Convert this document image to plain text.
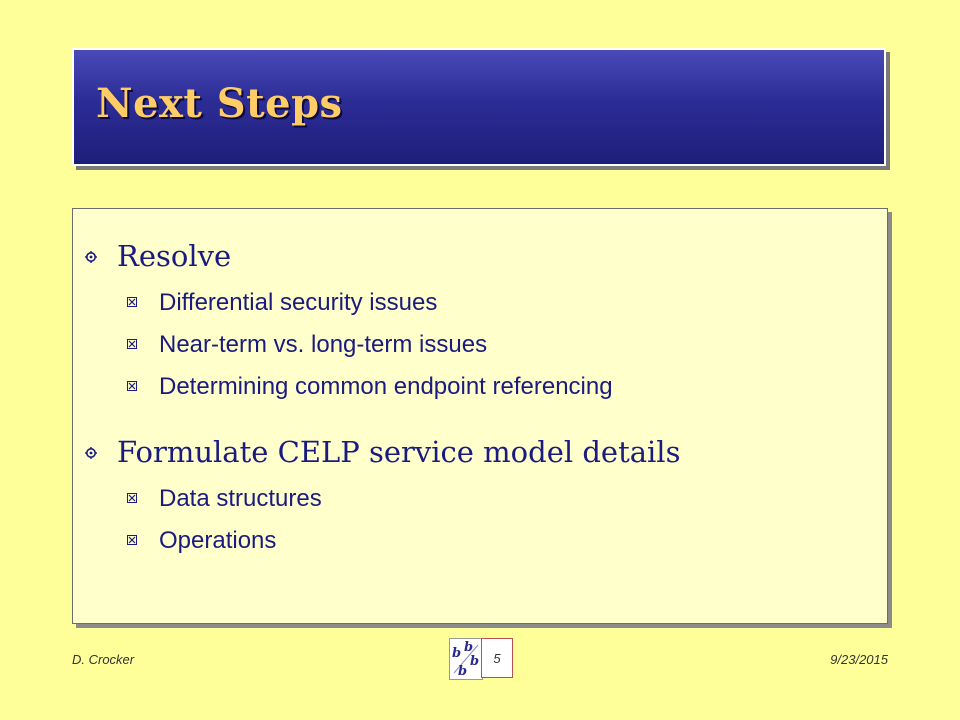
Next Steps
Resolve
Differential security issues
Near-term vs. long-term issues
Determining common endpoint referencing
Formulate CELP service model details
Data structures
Operations
D. Crocker	b b
b
b
5	9/23/2015
